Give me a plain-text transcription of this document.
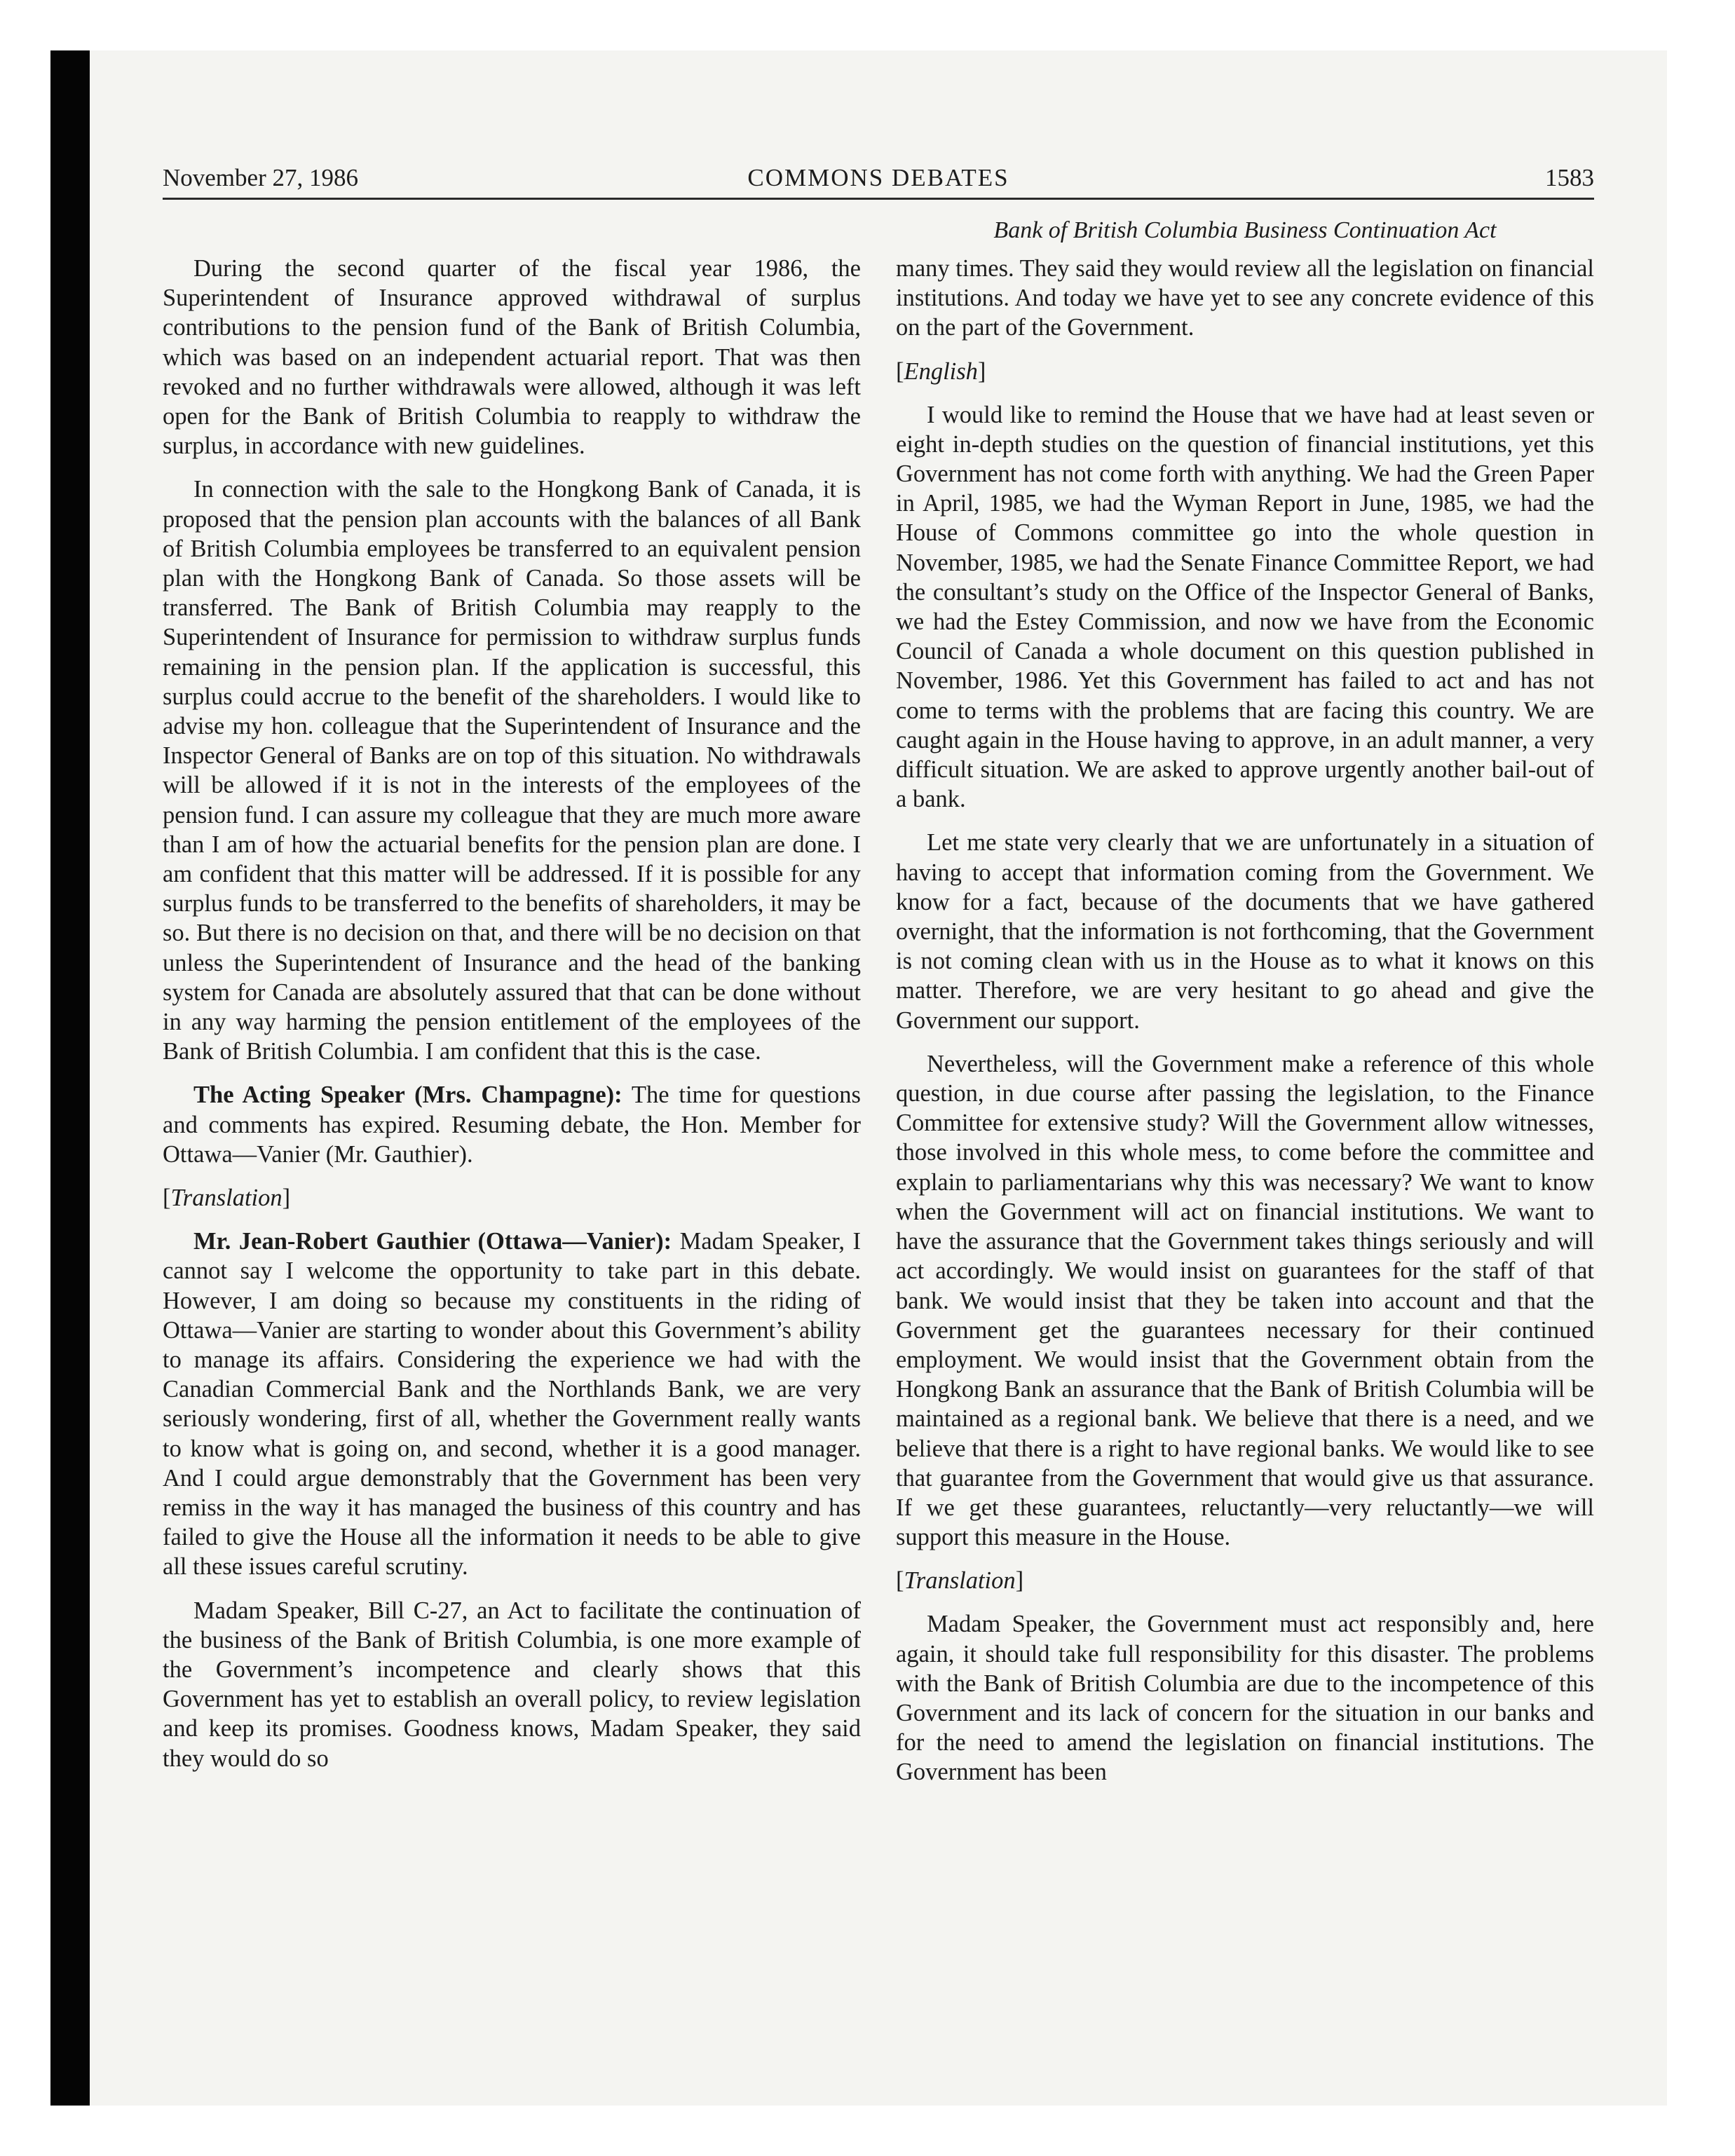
November 27, 1986	COMMONS DEBATES	1583
Bank of British Columbia Business Continuation Act

During the second quarter of the fiscal year 1986, the Superintendent of Insurance approved withdrawal of surplus contributions to the pension fund of the Bank of British Columbia, which was based on an independent actuarial report. That was then revoked and no further withdrawals were allowed, although it was left open for the Bank of British Columbia to reapply to withdraw the surplus, in accordance with new guidelines.

In connection with the sale to the Hongkong Bank of Canada, it is proposed that the pension plan accounts with the balances of all Bank of British Columbia employees be transferred to an equivalent pension plan with the Hongkong Bank of Canada. So those assets will be transferred. The Bank of British Columbia may reapply to the Superintendent of Insurance for permission to withdraw surplus funds remaining in the pension plan. If the application is successful, this surplus could accrue to the benefit of the shareholders. I would like to advise my hon. colleague that the Superintendent of Insurance and the Inspector General of Banks are on top of this situation. No withdrawals will be allowed if it is not in the interests of the employees of the pension fund. I can assure my colleague that they are much more aware than I am of how the actuarial benefits for the pension plan are done. I am confident that this matter will be addressed. If it is possible for any surplus funds to be transferred to the benefits of shareholders, it may be so. But there is no decision on that, and there will be no decision on that unless the Superintendent of Insurance and the head of the banking system for Canada are absolutely assured that that can be done without in any way harming the pension entitlement of the employees of the Bank of British Columbia. I am confident that this is the case.

The Acting Speaker (Mrs. Champagne): The time for questions and comments has expired. Resuming debate, the Hon. Member for Ottawa—Vanier (Mr. Gauthier).

[Translation]

Mr. Jean-Robert Gauthier (Ottawa—Vanier): Madam Speaker, I cannot say I welcome the opportunity to take part in this debate. However, I am doing so because my constituents in the riding of Ottawa—Vanier are starting to wonder about this Government’s ability to manage its affairs. Considering the experience we had with the Canadian Commercial Bank and the Northlands Bank, we are very seriously wondering, first of all, whether the Government really wants to know what is going on, and second, whether it is a good manager. And I could argue demonstrably that the Government has been very remiss in the way it has managed the business of this country and has failed to give the House all the information it needs to be able to give all these issues careful scrutiny.

Madam Speaker, Bill C-27, an Act to facilitate the continuation of the business of the Bank of British Columbia, is one more example of the Government’s incompetence and clearly shows that this Government has yet to establish an overall policy, to review legislation and keep its promises. Goodness knows, Madam Speaker, they said they would do so

many times. They said they would review all the legislation on financial institutions. And today we have yet to see any concrete evidence of this on the part of the Government.

[English]

I would like to remind the House that we have had at least seven or eight in-depth studies on the question of financial institutions, yet this Government has not come forth with anything. We had the Green Paper in April, 1985, we had the Wyman Report in June, 1985, we had the House of Commons committee go into the whole question in November, 1985, we had the Senate Finance Committee Report, we had the consultant’s study on the Office of the Inspector General of Banks, we had the Estey Commission, and now we have from the Economic Council of Canada a whole document on this question published in November, 1986. Yet this Government has failed to act and has not come to terms with the problems that are facing this country. We are caught again in the House having to approve, in an adult manner, a very difficult situation. We are asked to approve urgently another bail-out of a bank.

Let me state very clearly that we are unfortunately in a situation of having to accept that information coming from the Government. We know for a fact, because of the documents that we have gathered overnight, that the information is not forthcoming, that the Government is not coming clean with us in the House as to what it knows on this matter. Therefore, we are very hesitant to go ahead and give the Government our support.

Nevertheless, will the Government make a reference of this whole question, in due course after passing the legislation, to the Finance Committee for extensive study? Will the Government allow witnesses, those involved in this whole mess, to come before the committee and explain to parliamentarians why this was necessary? We want to know when the Government will act on financial institutions. We want to have the assurance that the Government takes things seriously and will act accordingly. We would insist on guarantees for the staff of that bank. We would insist that they be taken into account and that the Government get the guarantees necessary for their continued employment. We would insist that the Government obtain from the Hongkong Bank an assurance that the Bank of British Columbia will be maintained as a regional bank. We believe that there is a need, and we believe that there is a right to have regional banks. We would like to see that guarantee from the Government that would give us that assurance. If we get these guarantees, reluctantly—very reluctantly—we will support this measure in the House.

[Translation]

Madam Speaker, the Government must act responsibly and, here again, it should take full responsibility for this disaster. The problems with the Bank of British Columbia are due to the incompetence of this Government and its lack of concern for the situation in our banks and for the need to amend the legislation on financial institutions. The Government has been
